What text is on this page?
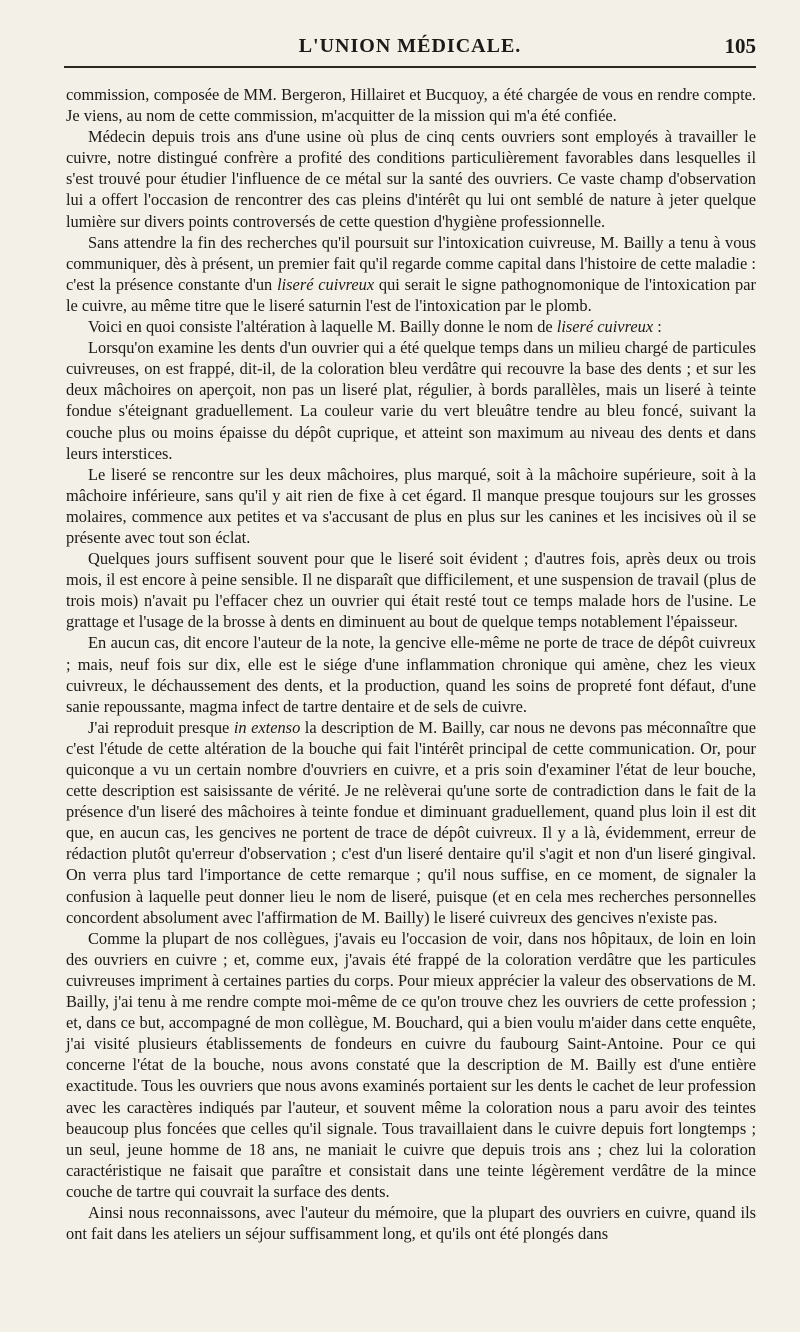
L'UNION MÉDICALE.	105

commission, composée de MM. Bergeron, Hillairet et Bucquoy, a été chargée de vous en rendre compte. Je viens, au nom de cette commission, m'acquitter de la mission qui m'a été confiée.

Médecin depuis trois ans d'une usine où plus de cinq cents ouvriers sont employés à travailler le cuivre, notre distingué confrère a profité des conditions particulièrement favorables dans lesquelles il s'est trouvé pour étudier l'influence de ce métal sur la santé des ouvriers. Ce vaste champ d'observation lui a offert l'occasion de rencontrer des cas pleins d'intérêt qu lui ont semblé de nature à jeter quelque lumière sur divers points controversés de cette question d'hygiène professionnelle.

Sans attendre la fin des recherches qu'il poursuit sur l'intoxication cuivreuse, M. Bailly a tenu à vous communiquer, dès à présent, un premier fait qu'il regarde comme capital dans l'histoire de cette maladie : c'est la présence constante d'un liseré cuivreux qui serait le signe pathognomonique de l'intoxication par le cuivre, au même titre que le liseré saturnin l'est de l'intoxication par le plomb.

Voici en quoi consiste l'altération à laquelle M. Bailly donne le nom de liseré cuivreux :

Lorsqu'on examine les dents d'un ouvrier qui a été quelque temps dans un milieu chargé de particules cuivreuses, on est frappé, dit-il, de la coloration bleu verdâtre qui recouvre la base des dents ; et sur les deux mâchoires on aperçoit, non pas un liseré plat, régulier, à bords parallèles, mais un liseré à teinte fondue s'éteignant graduellement. La couleur varie du vert bleuâtre tendre au bleu foncé, suivant la couche plus ou moins épaisse du dépôt cuprique, et atteint son maximum au niveau des dents et dans leurs interstices.

Le liseré se rencontre sur les deux mâchoires, plus marqué, soit à la mâchoire supérieure, soit à la mâchoire inférieure, sans qu'il y ait rien de fixe à cet égard. Il manque presque toujours sur les grosses molaires, commence aux petites et va s'accusant de plus en plus sur les canines et les incisives où il se présente avec tout son éclat.

Quelques jours suffisent souvent pour que le liseré soit évident ; d'autres fois, après deux ou trois mois, il est encore à peine sensible. Il ne disparaît que difficilement, et une suspension de travail (plus de trois mois) n'avait pu l'effacer chez un ouvrier qui était resté tout ce temps malade hors de l'usine. Le grattage et l'usage de la brosse à dents en diminuent au bout de quelque temps notablement l'épaisseur.

En aucun cas, dit encore l'auteur de la note, la gencive elle-même ne porte de trace de dépôt cuivreux ; mais, neuf fois sur dix, elle est le siége d'une inflammation chronique qui amène, chez les vieux cuivreux, le déchaussement des dents, et la production, quand les soins de propreté font défaut, d'une sanie repoussante, magma infect de tartre dentaire et de sels de cuivre.

J'ai reproduit presque in extenso la description de M. Bailly, car nous ne devons pas méconnaître que c'est l'étude de cette altération de la bouche qui fait l'intérêt principal de cette communication. Or, pour quiconque a vu un certain nombre d'ouvriers en cuivre, et a pris soin d'examiner l'état de leur bouche, cette description est saisissante de vérité. Je ne relèverai qu'une sorte de contradiction dans le fait de la présence d'un liseré des mâchoires à teinte fondue et diminuant graduellement, quand plus loin il est dit que, en aucun cas, les gencives ne portent de trace de dépôt cuivreux. Il y a là, évidemment, erreur de rédaction plutôt qu'erreur d'observation ; c'est d'un liseré dentaire qu'il s'agit et non d'un liseré gingival. On verra plus tard l'importance de cette remarque ; qu'il nous suffise, en ce moment, de signaler la confusion à laquelle peut donner lieu le nom de liseré, puisque (et en cela mes recherches personnelles concordent absolument avec l'affirmation de M. Bailly) le liseré cuivreux des gencives n'existe pas.

Comme la plupart de nos collègues, j'avais eu l'occasion de voir, dans nos hôpitaux, de loin en loin des ouvriers en cuivre ; et, comme eux, j'avais été frappé de la coloration verdâtre que les particules cuivreuses impriment à certaines parties du corps. Pour mieux apprécier la valeur des observations de M. Bailly, j'ai tenu à me rendre compte moi-même de ce qu'on trouve chez les ouvriers de cette profession ; et, dans ce but, accompagné de mon collègue, M. Bouchard, qui a bien voulu m'aider dans cette enquête, j'ai visité plusieurs établissements de fondeurs en cuivre du faubourg Saint-Antoine. Pour ce qui concerne l'état de la bouche, nous avons constaté que la description de M. Bailly est d'une entière exactitude. Tous les ouvriers que nous avons examinés portaient sur les dents le cachet de leur profession avec les caractères indiqués par l'auteur, et souvent même la coloration nous a paru avoir des teintes beaucoup plus foncées que celles qu'il signale. Tous travaillaient dans le cuivre depuis fort longtemps ; un seul, jeune homme de 18 ans, ne maniait le cuivre que depuis trois ans ; chez lui la coloration caractéristique ne faisait que paraître et consistait dans une teinte légèrement verdâtre de la mince couche de tartre qui couvrait la surface des dents.

Ainsi nous reconnaissons, avec l'auteur du mémoire, que la plupart des ouvriers en cuivre, quand ils ont fait dans les ateliers un séjour suffisamment long, et qu'ils ont été plongés dans
